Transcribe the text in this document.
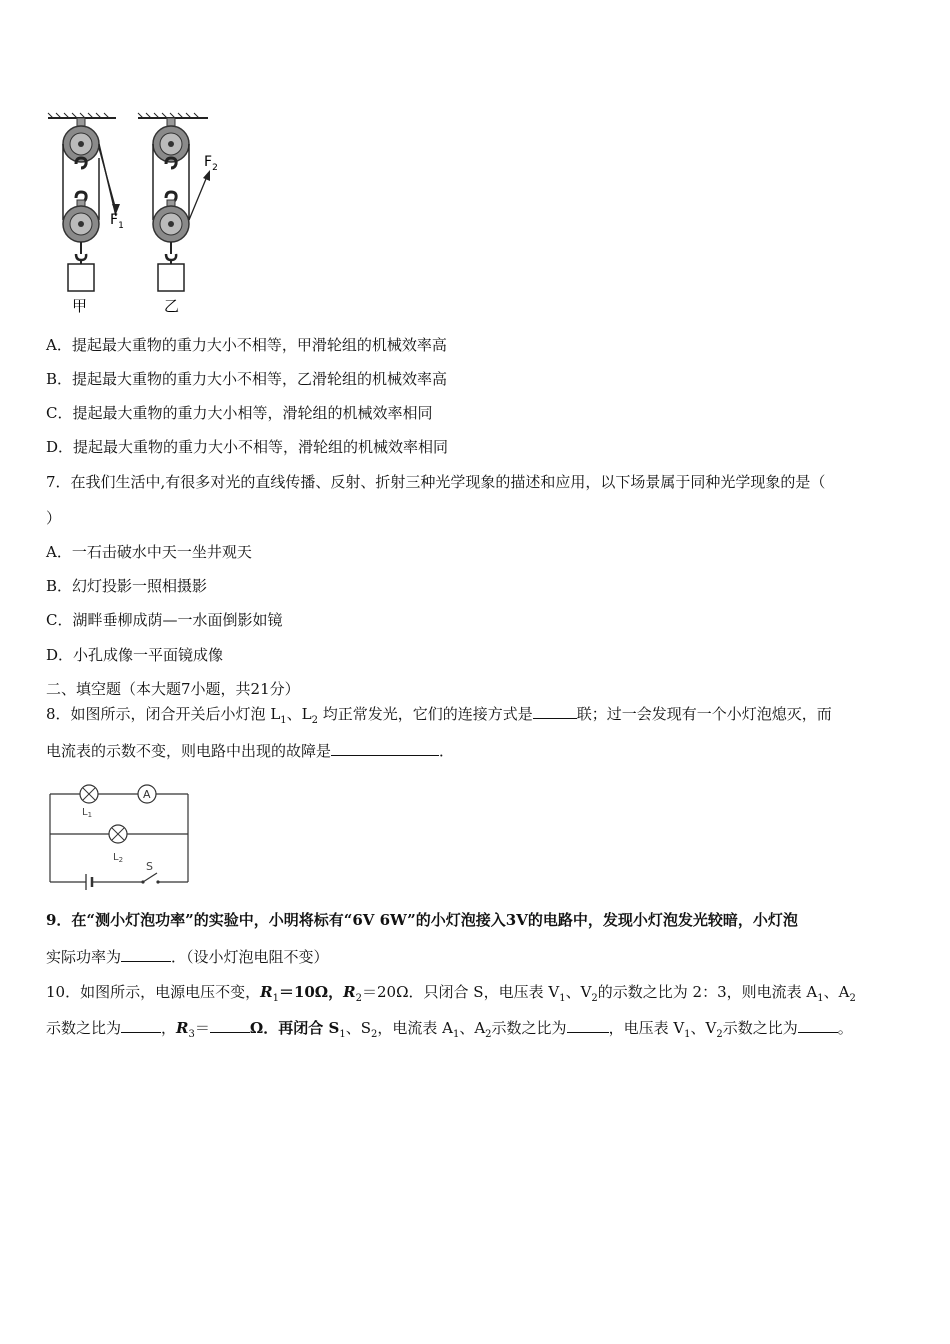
$F_1$
甲
$F_2$
乙
A．提起最大重物的重力大小不相等，甲滑轮组的机械效率高
B．提起最大重物的重力大小不相等，乙滑轮组的机械效率高
C．提起最大重物的重力大小相等，滑轮组的机械效率相同
D．提起最大重物的重力大小不相等，滑轮组的机械效率相同
7．在我们生活中,有很多对光的直线传播、反射、折射三种光学现象的描述和应用，以下场景属于同种光学现象的是（
）
A．一石击破水中天一坐井观天
B．幻灯投影一照相摄影
C．湖畔垂柳成荫—一水面倒影如镜
D．小孔成像一平面镜成像
二、填空题（本大题7小题，共21分）
8．如图所示，闭合开关后小灯泡 $L_1$、$L_2$ 均正常发光，它们的连接方式是	联；过一会发现有一个小灯泡熄灭，而
电流表的示数不变，则电路中出现的故障是	．
$L_1$
A
$L_2$ S
9．在“测小灯泡功率”的实验中，小明将标有“6V 6W”的小灯泡接入3V的电路中，发现小灯泡发光较暗，小灯泡
实际功率为	．（设小灯泡电阻不变）
10．如图所示，电源电压不变，$R_1=10\Omega$，$R_2=20\Omega$．只闭合 S，电压表 $V_1$、$V_2$的示数之比为 2：3，则电流表 $A_1$、$A_2$
示数之比为	，$R_3=$	Ω．再闭合 $S_1$、$S_2$，电流表 $A_1$、$A_2$示数之比为	，电压表 $V_1$、$V_2$示数之比为	。
